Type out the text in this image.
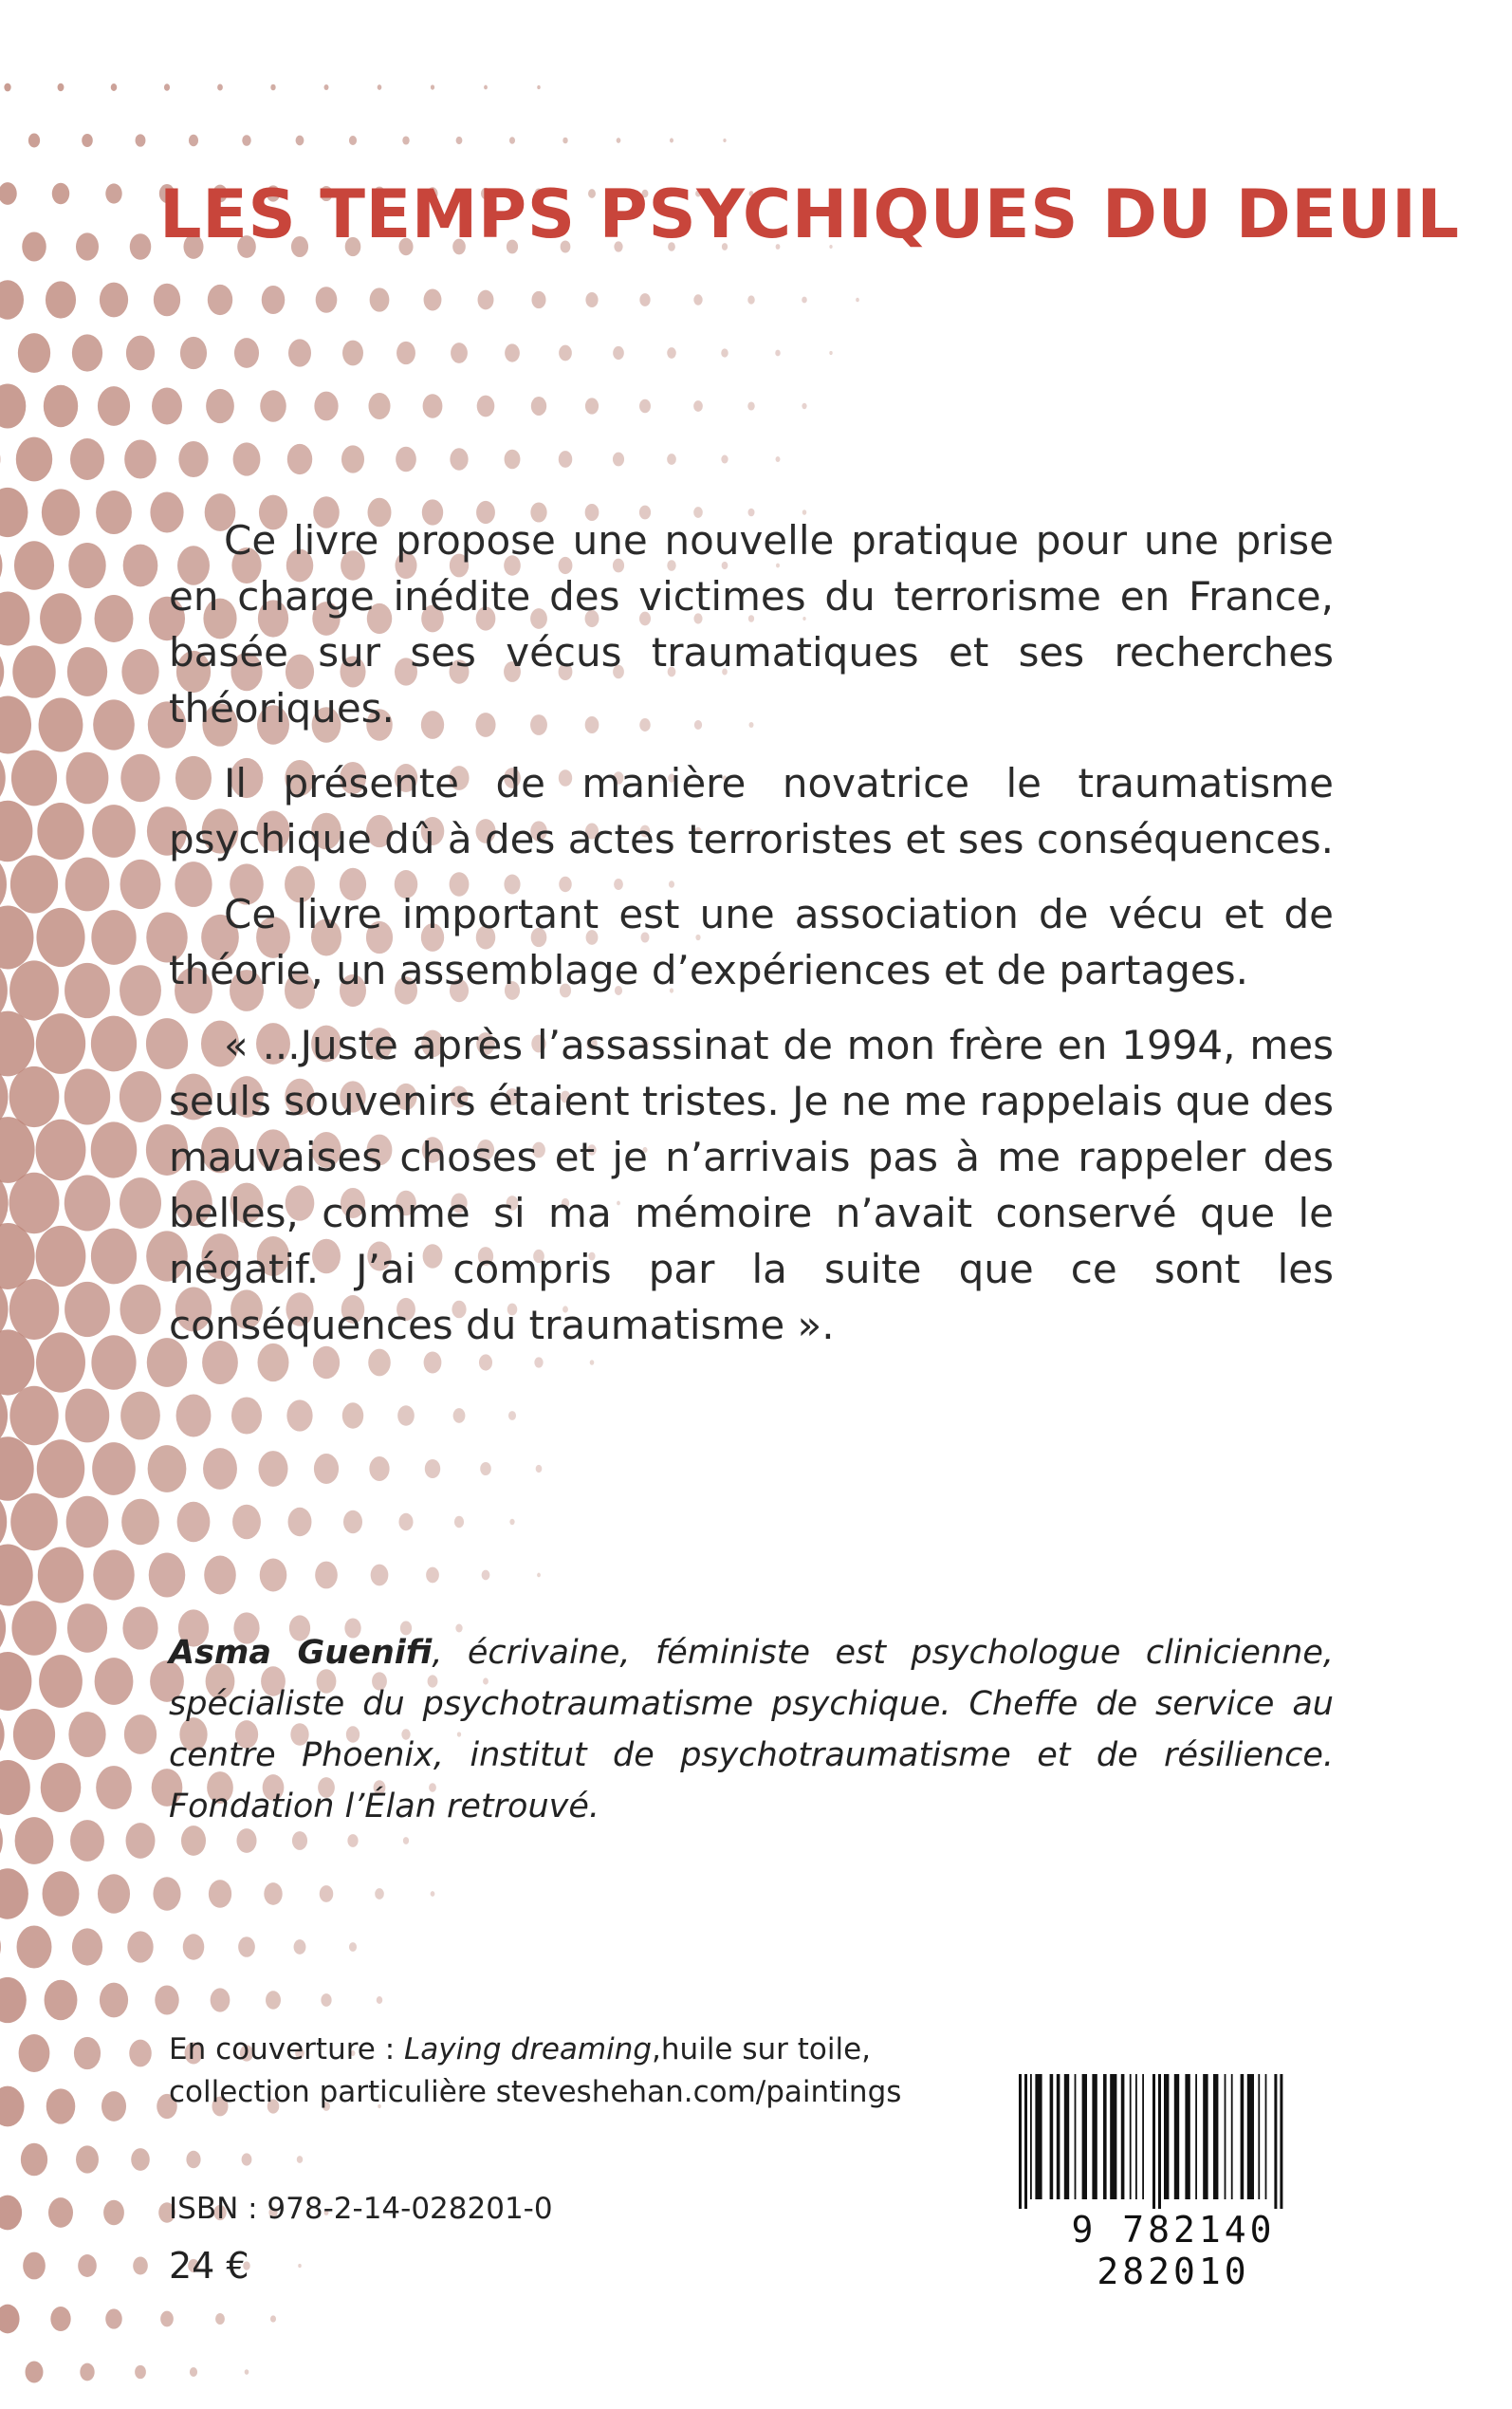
LES TEMPS PSYCHIQUES DU DEUIL

Ce livre propose une nouvelle pratique pour une prise en charge inédite des victimes du terrorisme en France, basée sur ses vécus traumatiques et ses recherches théoriques.

Il présente de manière novatrice le traumatisme psychique dû à des actes terroristes et ses conséquences.

Ce livre important est une association de vécu et de théorie, un assemblage d’expériences et de partages.

« ...Juste après l’assassinat de mon frère en 1994, mes seuls souvenirs étaient tristes. Je ne me rappelais que des mauvaises choses et je n’arrivais pas à me rappeler des belles, comme si ma mémoire n’avait conservé que le négatif. J’ai compris par la suite que ce sont les conséquences du traumatisme ».

Asma Guenifi, écrivaine, féministe est psychologue clinicienne, spécialiste du psychotraumatisme psychique. Cheffe de service au centre Phoenix, institut de psychotraumatisme et de résilience. Fondation l’Élan retrouvé.

En couverture : Laying dreaming,huile sur toile,
collection particulière steveshehan.com/paintings
ISBN : 978-2-14-028201-0
24 €
9 782140 282010
